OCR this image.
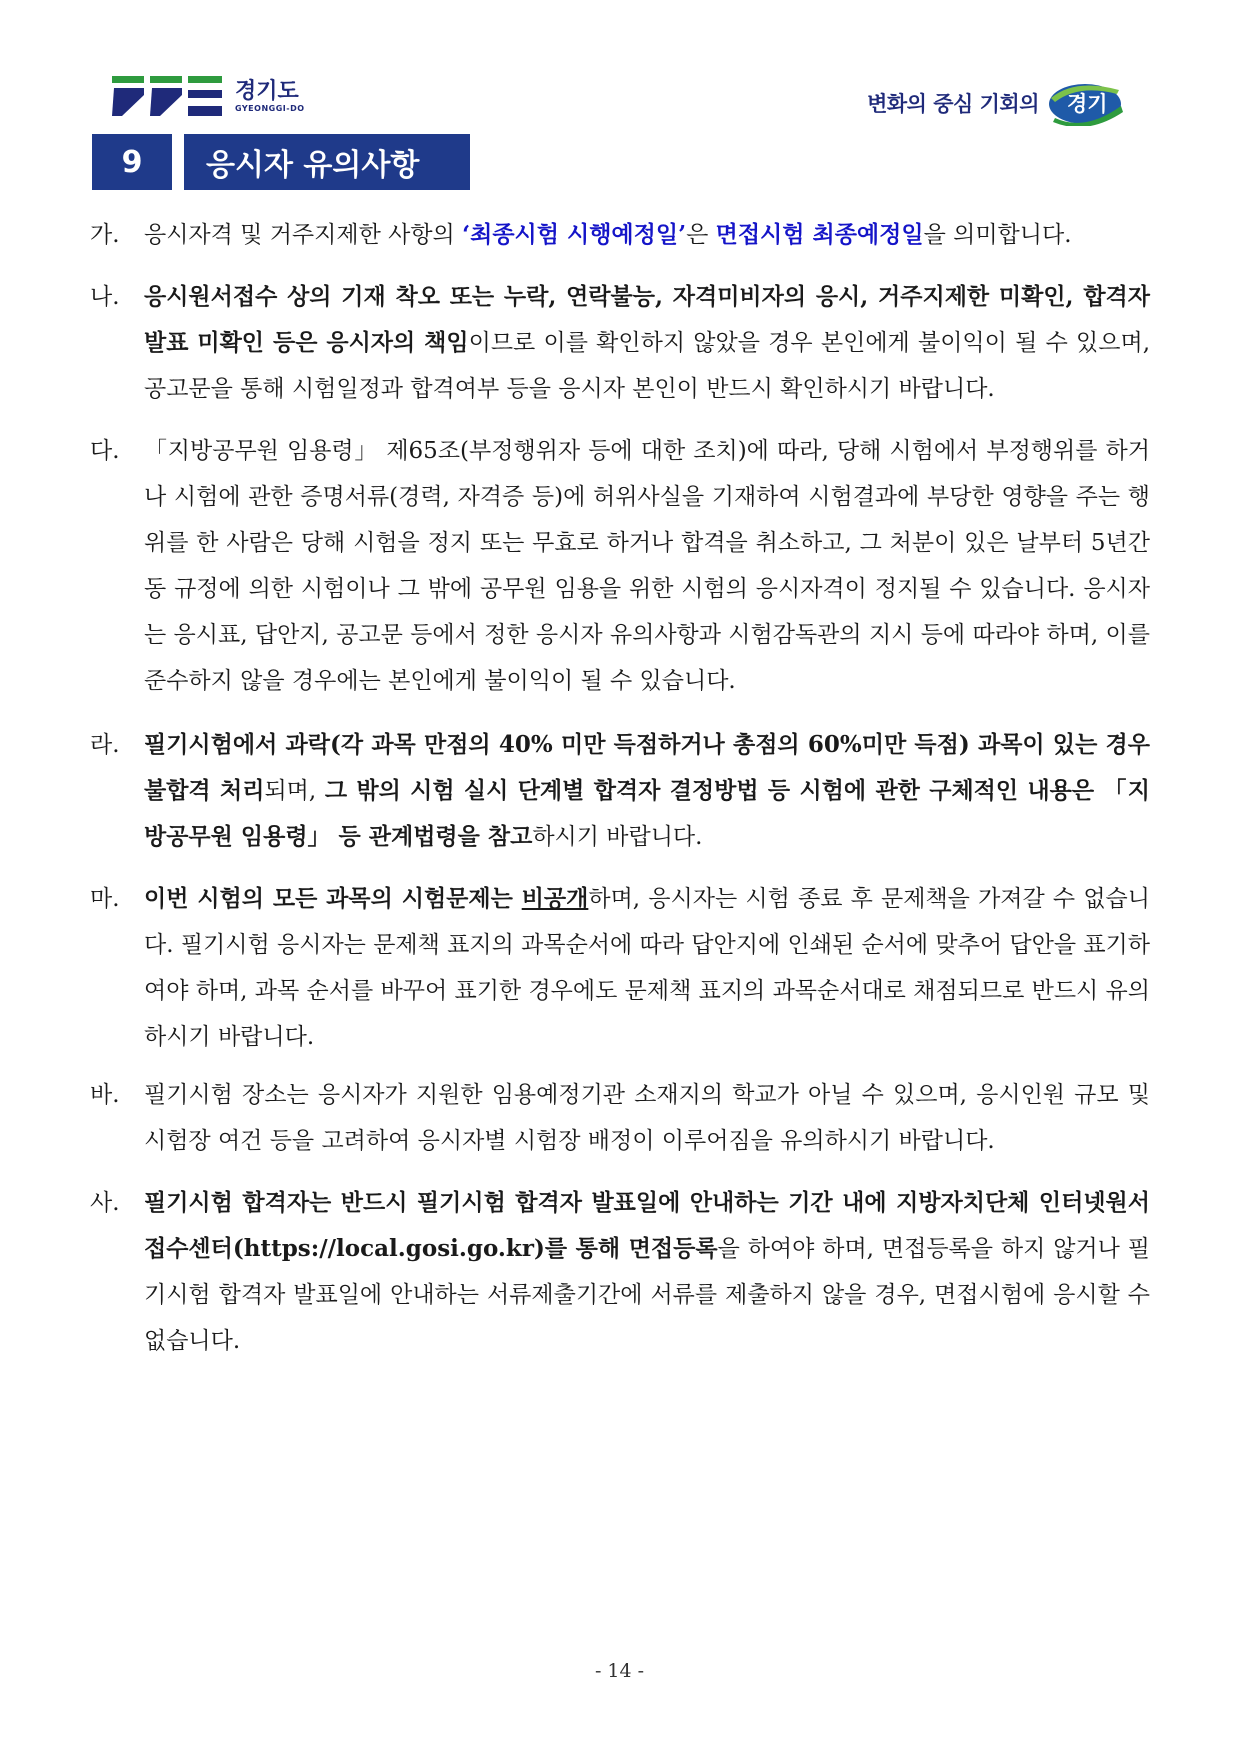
경기도
GYEONGGI-DO	변화의 중심 기회의 경기
9	응시자 유의사항
가.	응시자격 및 거주지제한 사항의 ‘최종시험 시행예정일’은 면접시험 최종예정일을 의미합니다.
나.	응시원서접수 상의 기재 착오 또는 누락, 연락불능, 자격미비자의 응시, 거주지제한 미확인, 합격자발표 미확인 등은 응시자의 책임이므로 이를 확인하지 않았을 경우 본인에게 불이익이 될 수 있으며, 공고문을 통해 시험일정과 합격여부 등을 응시자 본인이 반드시 확인하시기 바랍니다.
다.	「지방공무원 임용령」 제65조(부정행위자 등에 대한 조치)에 따라, 당해 시험에서 부정행위를 하거나 시험에 관한 증명서류(경력, 자격증 등)에 허위사실을 기재하여 시험결과에 부당한 영향을 주는 행위를 한 사람은 당해 시험을 정지 또는 무효로 하거나 합격을 취소하고, 그 처분이 있은 날부터 5년간 동 규정에 의한 시험이나 그 밖에 공무원 임용을 위한 시험의 응시자격이 정지될 수 있습니다. 응시자는 응시표, 답안지, 공고문 등에서 정한 응시자 유의사항과 시험감독관의 지시 등에 따라야 하며, 이를 준수하지 않을 경우에는 본인에게 불이익이 될 수 있습니다.
라.	필기시험에서 과락(각 과목 만점의 40% 미만 득점하거나 총점의 60%미만 득점) 과목이 있는 경우 불합격 처리되며, 그 밖의 시험 실시 단계별 합격자 결정방법 등 시험에 관한 구체적인 내용은 「지방공무원 임용령」 등 관계법령을 참고하시기 바랍니다.
마.	이번 시험의 모든 과목의 시험문제는 비공개하며, 응시자는 시험 종료 후 문제책을 가져갈 수 없습니다. 필기시험 응시자는 문제책 표지의 과목순서에 따라 답안지에 인쇄된 순서에 맞추어 답안을 표기하여야 하며, 과목 순서를 바꾸어 표기한 경우에도 문제책 표지의 과목순서대로 채점되므로 반드시 유의하시기 바랍니다.
바.	필기시험 장소는 응시자가 지원한 임용예정기관 소재지의 학교가 아닐 수 있으며, 응시인원 규모 및 시험장 여건 등을 고려하여 응시자별 시험장 배정이 이루어짐을 유의하시기 바랍니다.
사.	필기시험 합격자는 반드시 필기시험 합격자 발표일에 안내하는 기간 내에 지방자치단체 인터넷원서접수센터(https://local.gosi.go.kr)를 통해 면접등록을 하여야 하며, 면접등록을 하지 않거나 필기시험 합격자 발표일에 안내하는 서류제출기간에 서류를 제출하지 않을 경우, 면접시험에 응시할 수 없습니다.
- 14 -
